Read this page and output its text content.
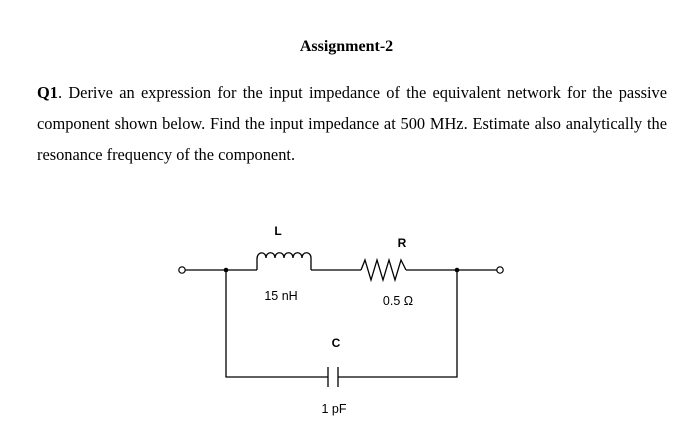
Assignment-2
Q1. Derive an expression for the input impedance of the equivalent network for the passive component shown below. Find the input impedance at 500 MHz. Estimate also analytically the resonance frequency of the component.
L
15 nH
R
0.5 Ω
C
1 pF
